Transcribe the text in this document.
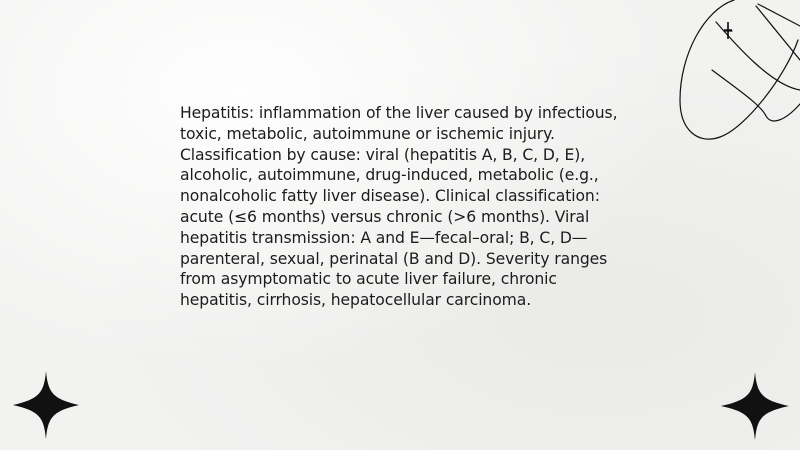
Hepatitis: inflammation of the liver caused by infectious, toxic, metabolic, autoimmune or ischemic injury. Classification by cause: viral (hepatitis A, B, C, D, E), alcoholic, autoimmune, drug-induced, metabolic (e.g., nonalcoholic fatty liver disease). Clinical classification: acute (≤6 months) versus chronic (>6 months). Viral hepatitis transmission: A and E—fecal–oral; B, C, D—parenteral, sexual, perinatal (B and D). Severity ranges from asymptomatic to acute liver failure, chronic hepatitis, cirrhosis, hepatocellular carcinoma.
